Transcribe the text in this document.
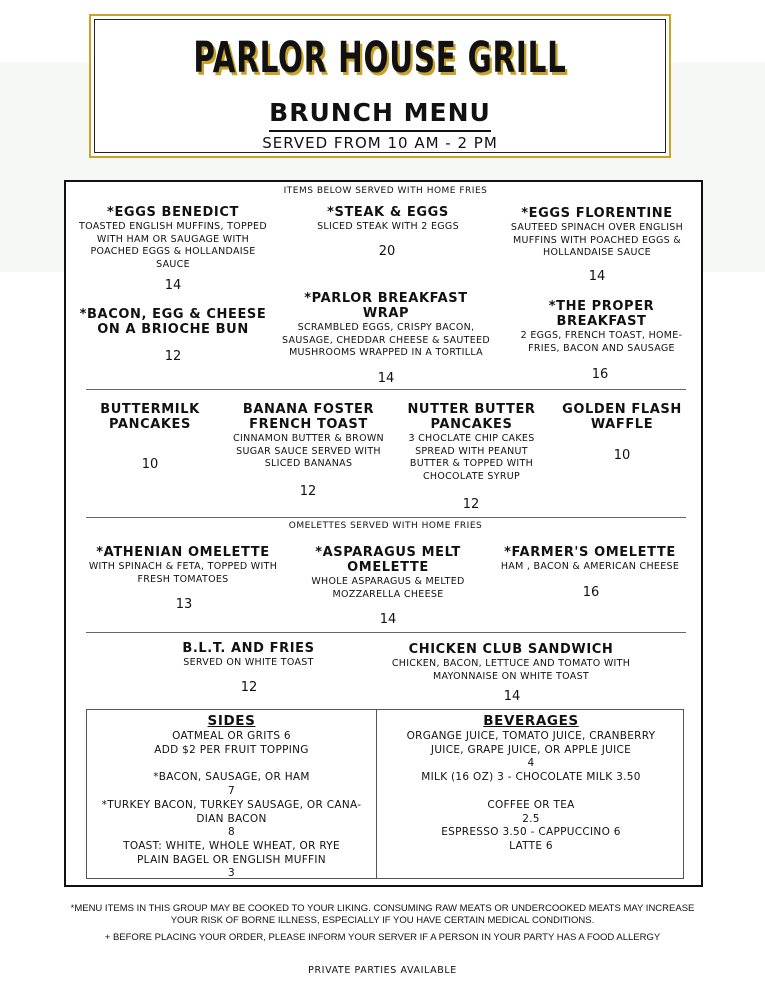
PARLOR HOUSE GRILL
BRUNCH MENU
SERVED FROM 10 AM - 2 PM
ITEMS BELOW SERVED WITH HOME FRIES
*EGGS BENEDICT
TOASTED ENGLISH MUFFINS, TOPPED WITH HAM OR SAUGAGE WITH POACHED EGGS & HOLLANDAISE SAUCE
14
*STEAK & EGGS
SLICED STEAK WITH 2 EGGS
20
*EGGS FLORENTINE
SAUTEED SPINACH OVER ENGLISH MUFFINS WITH POACHED EGGS & HOLLANDAISE SAUCE
14
*BACON, EGG & CHEESE ON A BRIOCHE BUN
12
*PARLOR BREAKFAST WRAP
SCRAMBLED EGGS, CRISPY BACON, SAUSAGE, CHEDDAR CHEESE & SAUTEED MUSHROOMS WRAPPED IN A TORTILLA
14
*THE PROPER BREAKFAST
2 EGGS, FRENCH TOAST, HOME-FRIES, BACON AND SAUSAGE
16
BUTTERMILK PANCAKES
10
BANANA FOSTER FRENCH TOAST
CINNAMON BUTTER & BROWN SUGAR SAUCE SERVED WITH SLICED BANANAS
12
NUTTER BUTTER PANCAKES
3 CHOCLATE CHIP CAKES SPREAD WITH PEANUT BUTTER & TOPPED WITH CHOCOLATE SYRUP
12
GOLDEN FLASH WAFFLE
10
OMELETTES SERVED WITH HOME FRIES
*ATHENIAN OMELETTE
WITH SPINACH & FETA, TOPPED WITH FRESH TOMATOES
13
*ASPARAGUS MELT OMELETTE
WHOLE ASPARAGUS & MELTED MOZZARELLA CHEESE
14
*FARMER'S OMELETTE
HAM , BACON & AMERICAN CHEESE
16
B.L.T. AND FRIES
SERVED ON WHITE TOAST
12
CHICKEN CLUB SANDWICH
CHICKEN, BACON, LETTUCE AND TOMATO WITH MAYONNAISE ON WHITE TOAST
14
SIDES
OATMEAL OR GRITS 6
ADD $2 PER FRUIT TOPPING
*BACON, SAUSAGE, OR HAM
7
*TURKEY BACON, TURKEY SAUSAGE, OR CANA-
DIAN BACON
8
TOAST: WHITE, WHOLE WHEAT, OR RYE
PLAIN BAGEL OR ENGLISH MUFFIN
3
BEVERAGES
ORGANGE JUICE, TOMATO JUICE, CRANBERRY
JUICE, GRAPE JUICE, OR APPLE JUICE
4
MILK (16 OZ) 3 - CHOCOLATE MILK 3.50
COFFEE OR TEA
2.5
ESPRESSO 3.50 - CAPPUCCINO 6
LATTE 6
*MENU ITEMS IN THIS GROUP MAY BE COOKED TO YOUR LIKING. CONSUMING RAW MEATS OR UNDERCOOKED MEATS MAY INCREASE
YOUR RISK OF BORNE ILLNESS, ESPECIALLY IF YOU HAVE CERTAIN MEDICAL CONDITIONS.
+ BEFORE PLACING YOUR ORDER, PLEASE INFORM YOUR SERVER IF A PERSON IN YOUR PARTY HAS A FOOD ALLERGY
PRIVATE PARTIES AVAILABLE
